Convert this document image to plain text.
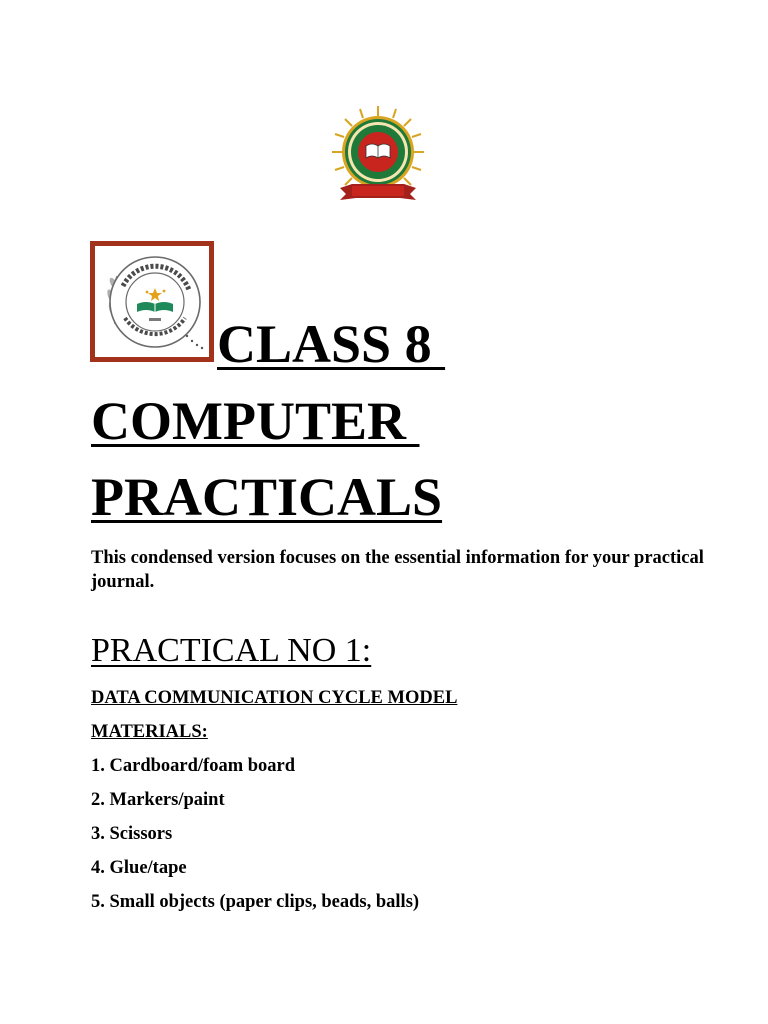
CLASS 8
COMPUTER
PRACTICALS

This condensed version focuses on the essential information for your practical journal.

PRACTICAL NO 1:
DATA COMMUNICATION CYCLE MODEL
MATERIALS:
1. Cardboard/foam board
2. Markers/paint
3. Scissors
4. Glue/tape
5. Small objects (paper clips, beads, balls)
